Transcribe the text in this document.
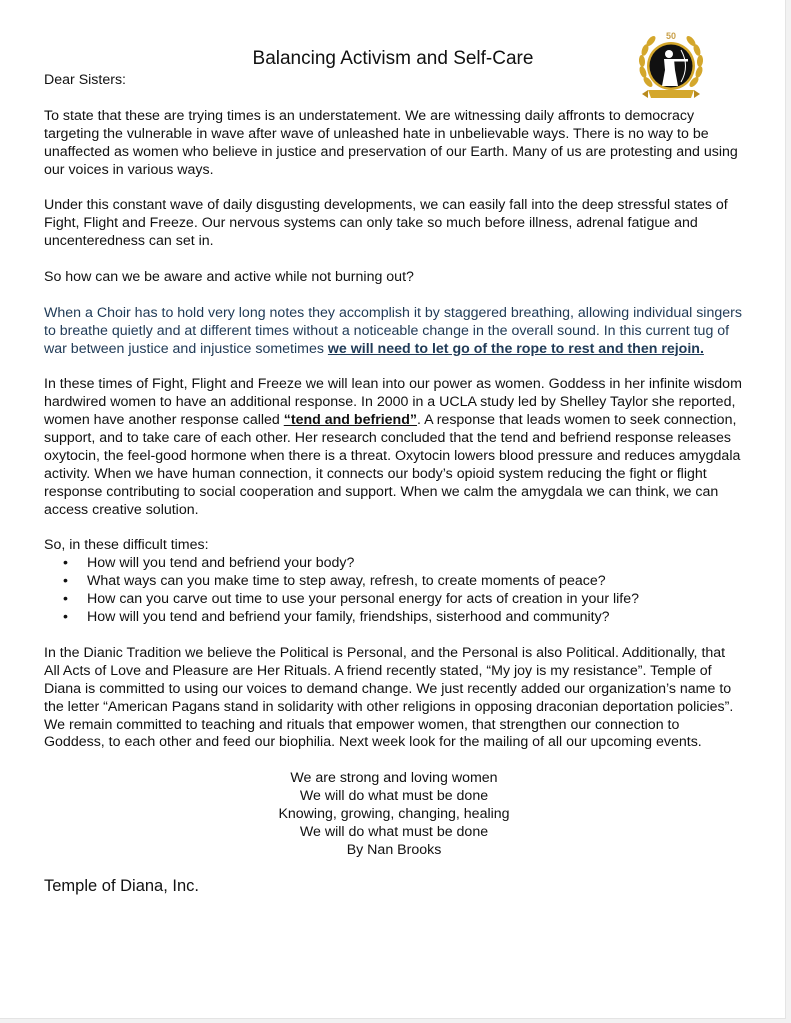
Balancing Activism and Self-Care
50

Dear Sisters:

To state that these are trying times is an understatement. We are witnessing daily affronts to democracy targeting the vulnerable in wave after wave of unleashed hate in unbelievable ways. There is no way to be unaffected as women who believe in justice and preservation of our Earth. Many of us are protesting and using our voices in various ways.

Under this constant wave of daily disgusting developments, we can easily fall into the deep stressful states of Fight, Flight and Freeze. Our nervous systems can only take so much before illness, adrenal fatigue and uncenteredness can set in.

So how can we be aware and active while not burning out?

When a Choir has to hold very long notes they accomplish it by staggered breathing, allowing individual singers to breathe quietly and at different times without a noticeable change in the overall sound. In this current tug of war between justice and injustice sometimes we will need to let go of the rope to rest and then rejoin.

In these times of Fight, Flight and Freeze we will lean into our power as women. Goddess in her infinite wisdom hardwired women to have an additional response. In 2000 in a UCLA study led by Shelley Taylor she reported, women have another response called “tend and befriend”. A response that leads women to seek connection, support, and to take care of each other. Her research concluded that the tend and befriend response releases oxytocin, the feel-good hormone when there is a threat. Oxytocin lowers blood pressure and reduces amygdala activity. When we have human connection, it connects our body’s opioid system reducing the fight or flight response contributing to social cooperation and support. When we calm the amygdala we can think, we can access creative solution.

So, in these difficult times:

• How will you tend and befriend your body?
• What ways can you make time to step away, refresh, to create moments of peace?
• How can you carve out time to use your personal energy for acts of creation in your life?
• How will you tend and befriend your family, friendships, sisterhood and community?

In the Dianic Tradition we believe the Political is Personal, and the Personal is also Political. Additionally, that All Acts of Love and Pleasure are Her Rituals. A friend recently stated, “My joy is my resistance”. Temple of Diana is committed to using our voices to demand change. We just recently added our organization’s name to the letter “American Pagans stand in solidarity with other religions in opposing draconian deportation policies”. We remain committed to teaching and rituals that empower women, that strengthen our connection to Goddess, to each other and feed our biophilia. Next week look for the mailing of all our upcoming events.

We are strong and loving women
We will do what must be done
Knowing, growing, changing, healing
We will do what must be done
By Nan Brooks
Temple of Diana, Inc.
